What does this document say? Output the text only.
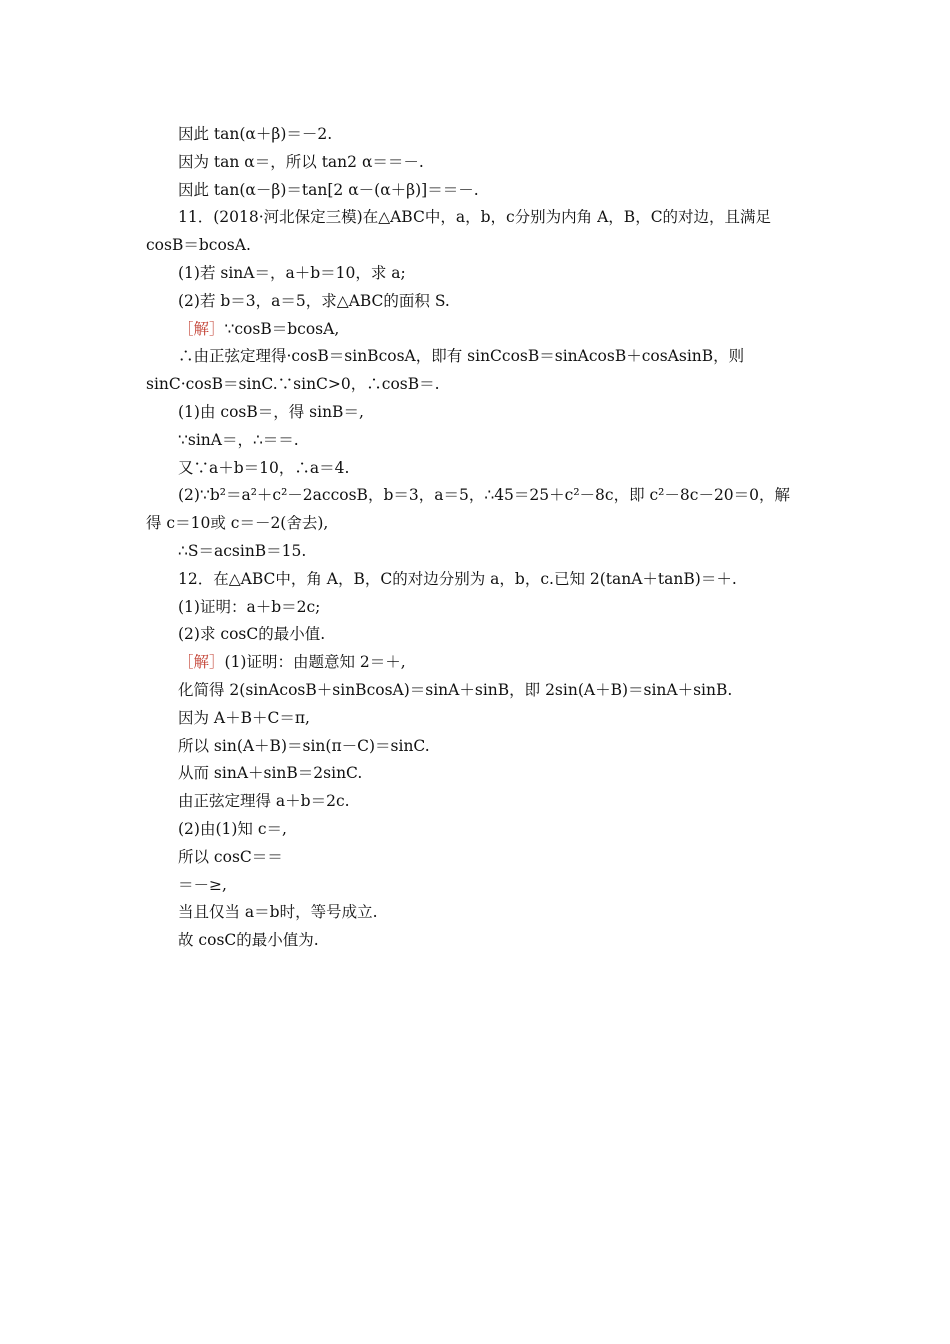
因此 tan(α＋β)＝－2.
因为 tan α＝，所以 tan2 α＝＝－.
因此 tan(α－β)＝tan[2 α－(α＋β)]＝＝－.
11．(2018·河北保定三模)在△ABC中，a，b，c分别为内角 A，B，C的对边，且满足
cosB＝bcosA.
(1)若 sinA＝，a＋b＝10，求 a;
(2)若 b＝3，a＝5，求△ABC的面积 S.
［解］∵cosB＝bcosA,
∴由正弦定理得·cosB＝sinBcosA，即有 sinCcosB＝sinAcosB＋cosAsinB，则
sinC·cosB＝sinC.∵sinC>0，∴cosB＝.
(1)由 cosB＝，得 sinB＝,
∵sinA＝，∴＝＝.
又∵a＋b＝10，∴a＝4.
(2)∵b²＝a²＋c²－2accosB，b＝3，a＝5，∴45＝25＋c²－8c，即 c²－8c－20＝0，解
得 c＝10或 c＝－2(舍去),
∴S＝acsinB＝15.
12．在△ABC中，角 A，B，C的对边分别为 a，b，c.已知 2(tanA＋tanB)＝＋.
(1)证明：a＋b＝2c;
(2)求 cosC的最小值.
［解］(1)证明：由题意知 2＝＋,
化简得 2(sinAcosB＋sinBcosA)＝sinA＋sinB，即 2sin(A＋B)＝sinA＋sinB.
因为 A＋B＋C＝π,
所以 sin(A＋B)＝sin(π－C)＝sinC.
从而 sinA＋sinB＝2sinC.
由正弦定理得 a＋b＝2c.
(2)由(1)知 c＝,
所以 cosC＝＝
＝－≥,
当且仅当 a＝b时，等号成立.
故 cosC的最小值为.
